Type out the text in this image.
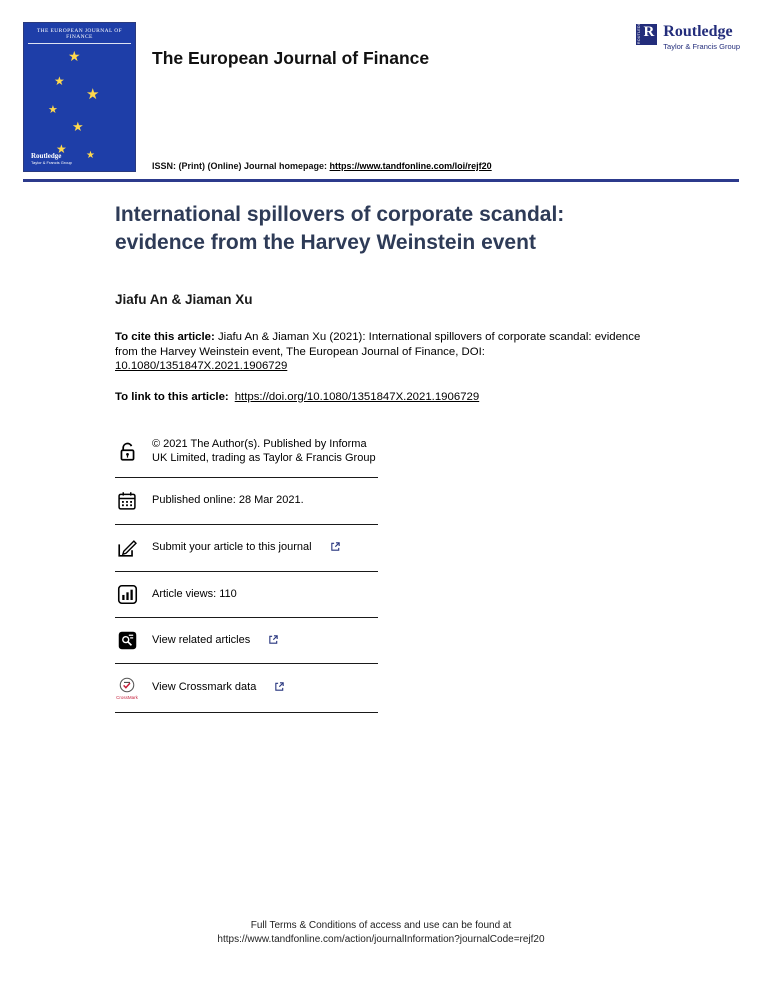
THE EUROPEAN JOURNAL OF FINANCE
★
★
★
★
★
★ ★
Routledge
Taylor & Francis Group
The European Journal of Finance
ROUTLEDGE R Routledge
Taylor & Francis Group
ISSN: (Print) (Online) Journal homepage: https://www.tandfonline.com/loi/rejf20
International spillovers of corporate scandal:
evidence from the Harvey Weinstein event
Jiafu An & Jiaman Xu

To cite this article: Jiafu An & Jiaman Xu (2021): International spillovers of corporate scandal: evidence from the Harvey Weinstein event, The European Journal of Finance, DOI: 10.1080/1351847X.2021.1906729

To link to this article: https://doi.org/10.1080/1351847X.2021.1906729

© 2021 The Author(s). Published by Informa UK Limited, trading as Taylor & Francis Group
Published online: 28 Mar 2021.
Submit your article to this journal
Article views: 110
View related articles
CrossMark
View Crossmark data
Full Terms & Conditions of access and use can be found at
https://www.tandfonline.com/action/journalInformation?journalCode=rejf20
